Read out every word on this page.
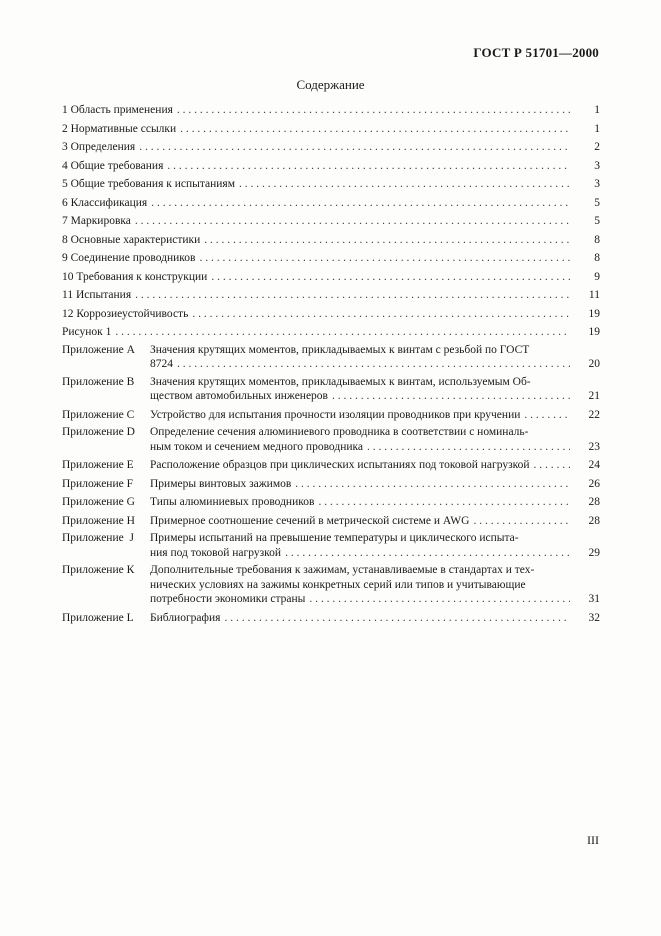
ГОСТ Р 51701—2000
Содержание
1 Область применения . . .	1
2 Нормативные ссылки . . .	1
3 Определения . . .	2
4 Общие требования . . .	3
5 Общие требования к испытаниям . . .	3
6 Классификация . . .	5
7 Маркировка . . .	5
8 Основные характеристики . . .	8
9 Соединение проводников . . .	8
10 Требования к конструкции . . .	9
11 Испытания . . .	11
12 Коррозиеустойчивость . . .	19
Рисунок 1 . . .	19
Приложение А	Значения крутящих моментов, прикладываемых к винтам с резьбой по ГОСТ
8724 . . .	20
Приложение В	Значения крутящих моментов, прикладываемых к винтам, используемым Об-
ществом автомобильных инженеров . . .	21
Приложение С	Устройство для испытания прочности изоляции проводников при кручении . . .	22
Приложение D	Определение сечения алюминиевого проводника в соответствии с номиналь-
ным током и сечением медного проводника . . .	23
Приложение Е	Расположение образцов при циклических испытаниях под токовой нагрузкой . . .	24
Приложение F	Примеры винтовых зажимов . . .	26
Приложение G	Типы алюминиевых проводников . . .	28
Приложение Н	Примерное соотношение сечений в метрической системе и AWG . . .	28
Приложение  J	Примеры испытаний на превышение температуры и циклического испыта-
ния под токовой нагрузкой . . .	29
Приложение К	Дополнительные требования к зажимам, устанавливаемые в стандартах и тех-
нических условиях на зажимы конкретных серий или типов и учитывающие
потребности экономики страны . . .	31
Приложение L	Библиография . . .	32
III
